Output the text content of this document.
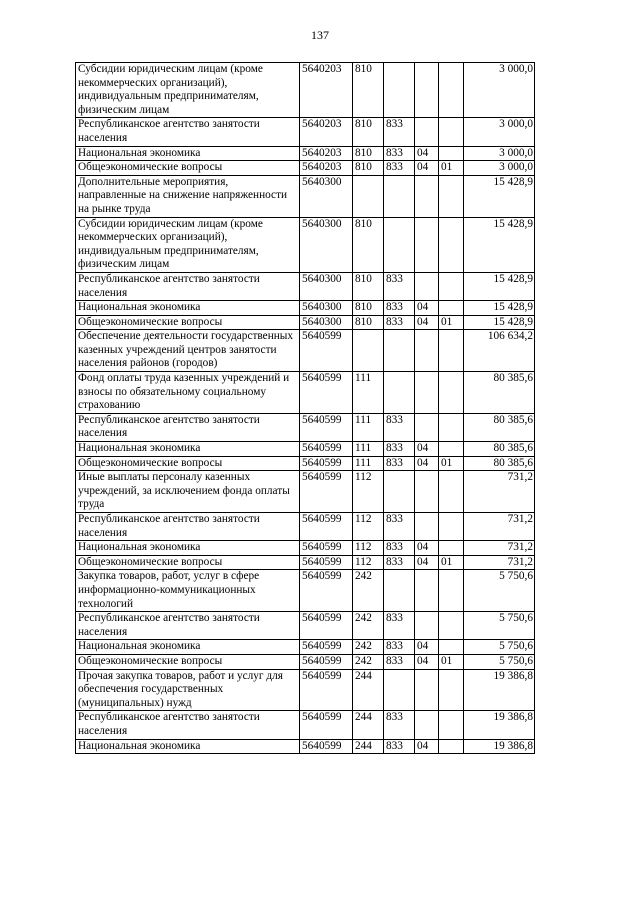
137
Субсидии юридическим лицам (кроме некоммерческих организаций), индивидуальным предпринимателям, физическим лицам	5640203	810				3 000,0
Республиканское агентство занятости населения	5640203	810	833			3 000,0
Национальная экономика	5640203	810	833	04		3 000,0
Общеэкономические вопросы	5640203	810	833	04	01	3 000,0
Дополнительные мероприятия, направленные на снижение напряженности на рынке труда	5640300					15 428,9
Субсидии юридическим лицам (кроме некоммерческих организаций), индивидуальным предпринимателям, физическим лицам	5640300	810				15 428,9
Республиканское агентство занятости населения	5640300	810	833			15 428,9
Национальная экономика	5640300	810	833	04		15 428,9
Общеэкономические вопросы	5640300	810	833	04	01	15 428,9
Обеспечение деятельности государственных казенных учреждений центров занятости населения районов (городов)	5640599					106 634,2
Фонд оплаты труда казенных учреждений и взносы по обязательному социальному страхованию	5640599	111				80 385,6
Республиканское агентство занятости населения	5640599	111	833			80 385,6
Национальная экономика	5640599	111	833	04		80 385,6
Общеэкономические вопросы	5640599	111	833	04	01	80 385,6
Иные выплаты персоналу казенных учреждений, за исключением фонда оплаты труда	5640599	112				731,2
Республиканское агентство занятости населения	5640599	112	833			731,2
Национальная экономика	5640599	112	833	04		731,2
Общеэкономические вопросы	5640599	112	833	04	01	731,2
Закупка товаров, работ, услуг в сфере информационно-коммуникационных технологий	5640599	242				5 750,6
Республиканское агентство занятости населения	5640599	242	833			5 750,6
Национальная экономика	5640599	242	833	04		5 750,6
Общеэкономические вопросы	5640599	242	833	04	01	5 750,6
Прочая закупка товаров, работ и услуг для обеспечения государственных (муниципальных) нужд	5640599	244				19 386,8
Республиканское агентство занятости населения	5640599	244	833			19 386,8
Национальная экономика	5640599	244	833	04		19 386,8
